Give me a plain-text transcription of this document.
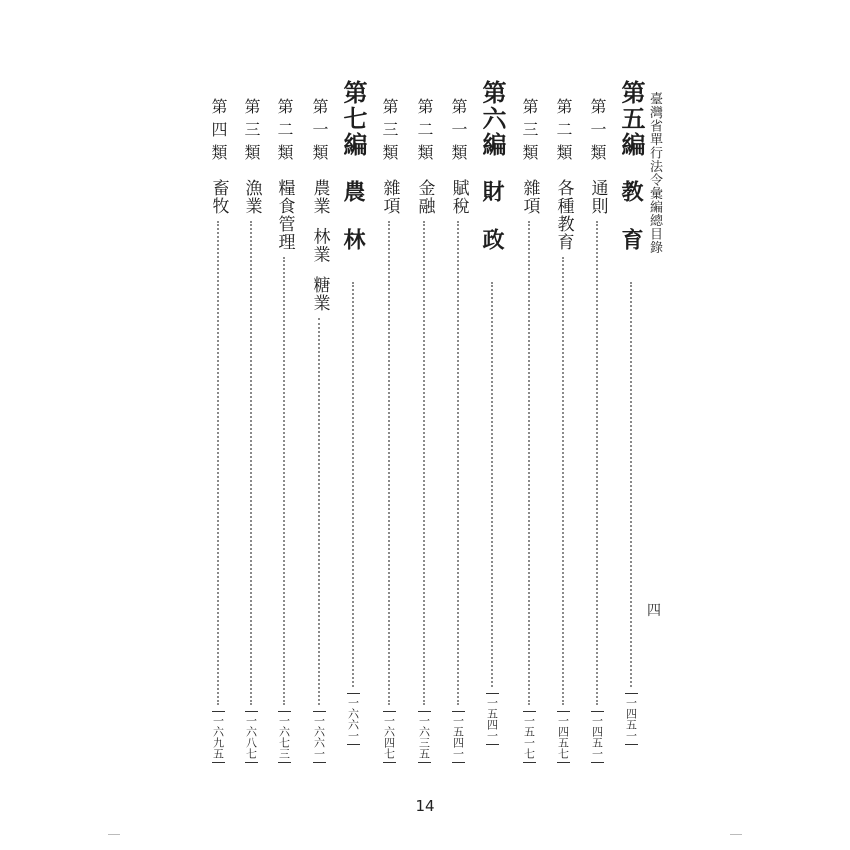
臺灣省單行法令彙編總目錄
四
第五編
教育
一四五一
第一類
通則
一四五一
第二類
各種教育
一四五七
第三類
雜項
一五一七
第六編
財政
一五四一
第一類
賦稅
一五四一
第二類
金融
一六三五
第三類
雜項
一六四七
第七編
農林
一六六一
第一類
農業 林業 糖業
一六六一
第二類
糧食管理
一六七三
第三類
漁業
一六八七
第四類
畜牧
一六九五
14
